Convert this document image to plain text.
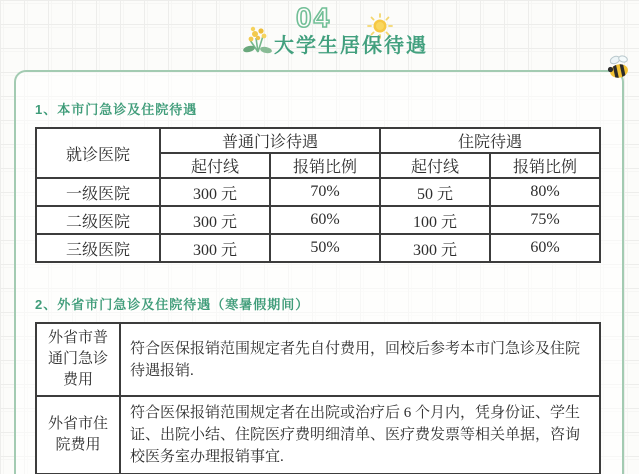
04
大学生居保待遇
1、本市门急诊及住院待遇
就诊医院	普通门诊待遇		住院待遇	
	起付线	报销比例	起付线	报销比例
一级医院	300 元	70%	50 元	80%
二级医院	300 元	60%	100 元	75%
三级医院	300 元	50%	300 元	60%
2、外省市门急诊及住院待遇（寒暑假期间）
外省市普通门急诊费用	符合医保报销范围规定者先自付费用，回校后参考本市门急诊及住院待遇报销.
外省市住院费用	符合医保报销范围规定者在出院或治疗后 6 个月内，凭身份证、学生证、出院小结、住院医疗费明细清单、医疗费发票等相关单据，咨询校医务室办理报销事宜.
